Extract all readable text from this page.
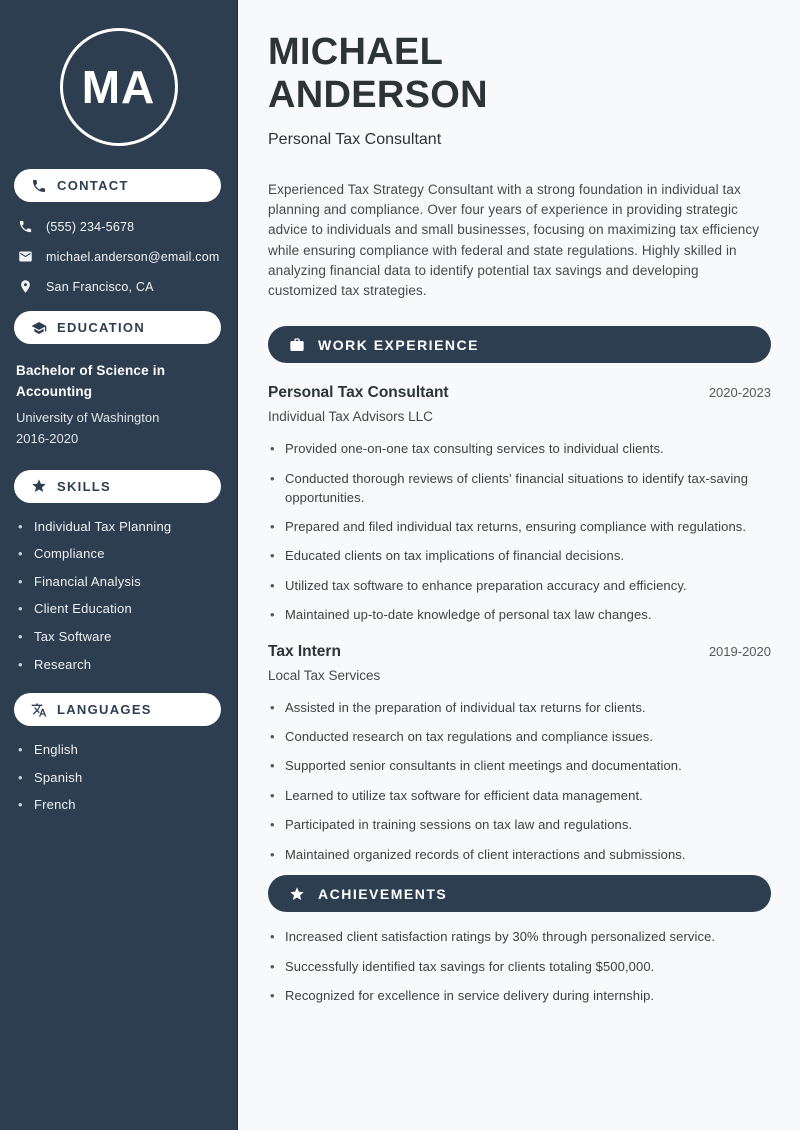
MA
CONTACT
(555) 234-5678
michael.anderson@email.com
San Francisco, CA
EDUCATION
Bachelor of Science in Accounting
University of Washington
2016-2020
SKILLS
• Individual Tax Planning
• Compliance
• Financial Analysis
• Client Education
• Tax Software
• Research
LANGUAGES
• English
• Spanish
• French
MICHAEL
ANDERSON
Personal Tax Consultant

Experienced Tax Strategy Consultant with a strong foundation in individual tax planning and compliance. Over four years of experience in providing strategic advice to individuals and small businesses, focusing on maximizing tax efficiency while ensuring compliance with federal and state regulations. Highly skilled in analyzing financial data to identify potential tax savings and developing customized tax strategies.

WORK EXPERIENCE
Personal Tax Consultant	2020-2023
Individual Tax Advisors LLC
• Provided one-on-one tax consulting services to individual clients.
• Conducted thorough reviews of clients' financial situations to identify tax-saving opportunities.
• Prepared and filed individual tax returns, ensuring compliance with regulations.
• Educated clients on tax implications of financial decisions.
• Utilized tax software to enhance preparation accuracy and efficiency.
• Maintained up-to-date knowledge of personal tax law changes.
Tax Intern	2019-2020
Local Tax Services
• Assisted in the preparation of individual tax returns for clients.
• Conducted research on tax regulations and compliance issues.
• Supported senior consultants in client meetings and documentation.
• Learned to utilize tax software for efficient data management.
• Participated in training sessions on tax law and regulations.
• Maintained organized records of client interactions and submissions.
ACHIEVEMENTS
• Increased client satisfaction ratings by 30% through personalized service.
• Successfully identified tax savings for clients totaling $500,000.
• Recognized for excellence in service delivery during internship.
